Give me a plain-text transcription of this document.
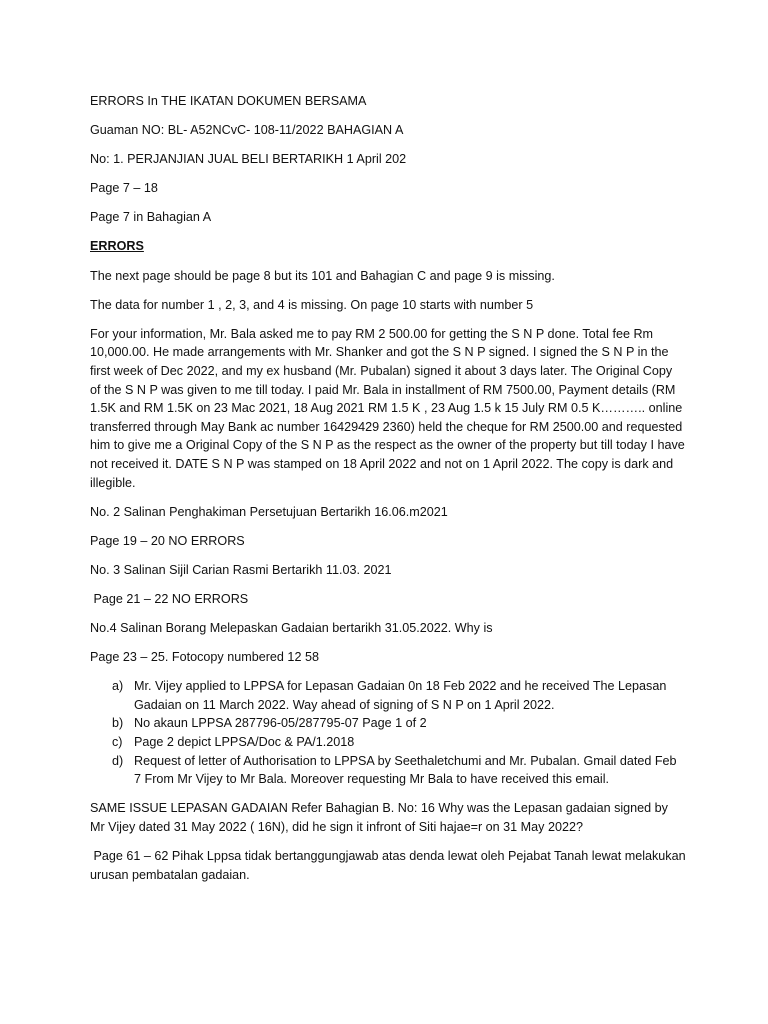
ERRORS In THE IKATAN DOKUMEN BERSAMA

Guaman NO: BL- A52NCvC- 108-11/2022 BAHAGIAN A

No: 1. PERJANJIAN JUAL BELI BERTARIKH 1 April 202

Page 7 – 18

Page 7 in Bahagian A

ERRORS

The next page should be page 8 but its 101 and Bahagian C and page 9 is missing.

The data for number 1 , 2, 3, and 4 is missing. On page 10 starts with number 5

For your information, Mr. Bala asked me to pay RM 2 500.00 for getting the S N P done. Total fee Rm 10,000.00. He made arrangements with Mr. Shanker and got the S N P signed. I signed the S N P in the first week of Dec 2022, and my ex husband (Mr. Pubalan) signed it about 3 days later. The Original Copy of the S N P was given to me till today. I paid Mr. Bala in installment of RM 7500.00, Payment details (RM 1.5K and RM 1.5K on 23 Mac 2021, 18 Aug 2021 RM 1.5 K , 23 Aug 1.5 k 15 July RM 0.5 K……….. online transferred through May Bank ac number 16429429 2360) held the cheque for RM 2500.00 and requested him to give me a Original Copy of the S N P as the respect as the owner of the property but till today I have not received it. DATE S N P was stamped on 18 April 2022 and not on 1 April 2022. The copy is dark and illegible.

No. 2 Salinan Penghakiman Persetujuan Bertarikh 16.06.m2021

Page 19 – 20 NO ERRORS

No. 3 Salinan Sijil Carian Rasmi Bertarikh 11.03. 2021

Page 21 – 22 NO ERRORS

No.4 Salinan Borang Melepaskan Gadaian bertarikh 31.05.2022. Why is

Page 23 – 25. Fotocopy numbered 12 58

a) Mr. Vijey applied to LPPSA for Lepasan Gadaian 0n 18 Feb 2022 and he received The Lepasan Gadaian on 11 March 2022. Way ahead of signing of S N P on 1 April 2022.
b) No akaun LPPSA 287796-05/287795-07 Page 1 of 2
c) Page 2 depict LPPSA/Doc & PA/1.2018
d) Request of letter of Authorisation to LPPSA by Seethaletchumi and Mr. Pubalan. Gmail dated Feb 7 From Mr Vijey to Mr Bala. Moreover requesting Mr Bala to have received this email.

SAME ISSUE LEPASAN GADAIAN Refer Bahagian B. No: 16 Why was the Lepasan gadaian signed by Mr Vijey dated 31 May 2022 ( 16N), did he sign it infront of Siti hajae=r on 31 May 2022?

Page 61 – 62 Pihak Lppsa tidak bertanggungjawab atas denda lewat oleh Pejabat Tanah lewat melakukan urusan pembatalan gadaian.
